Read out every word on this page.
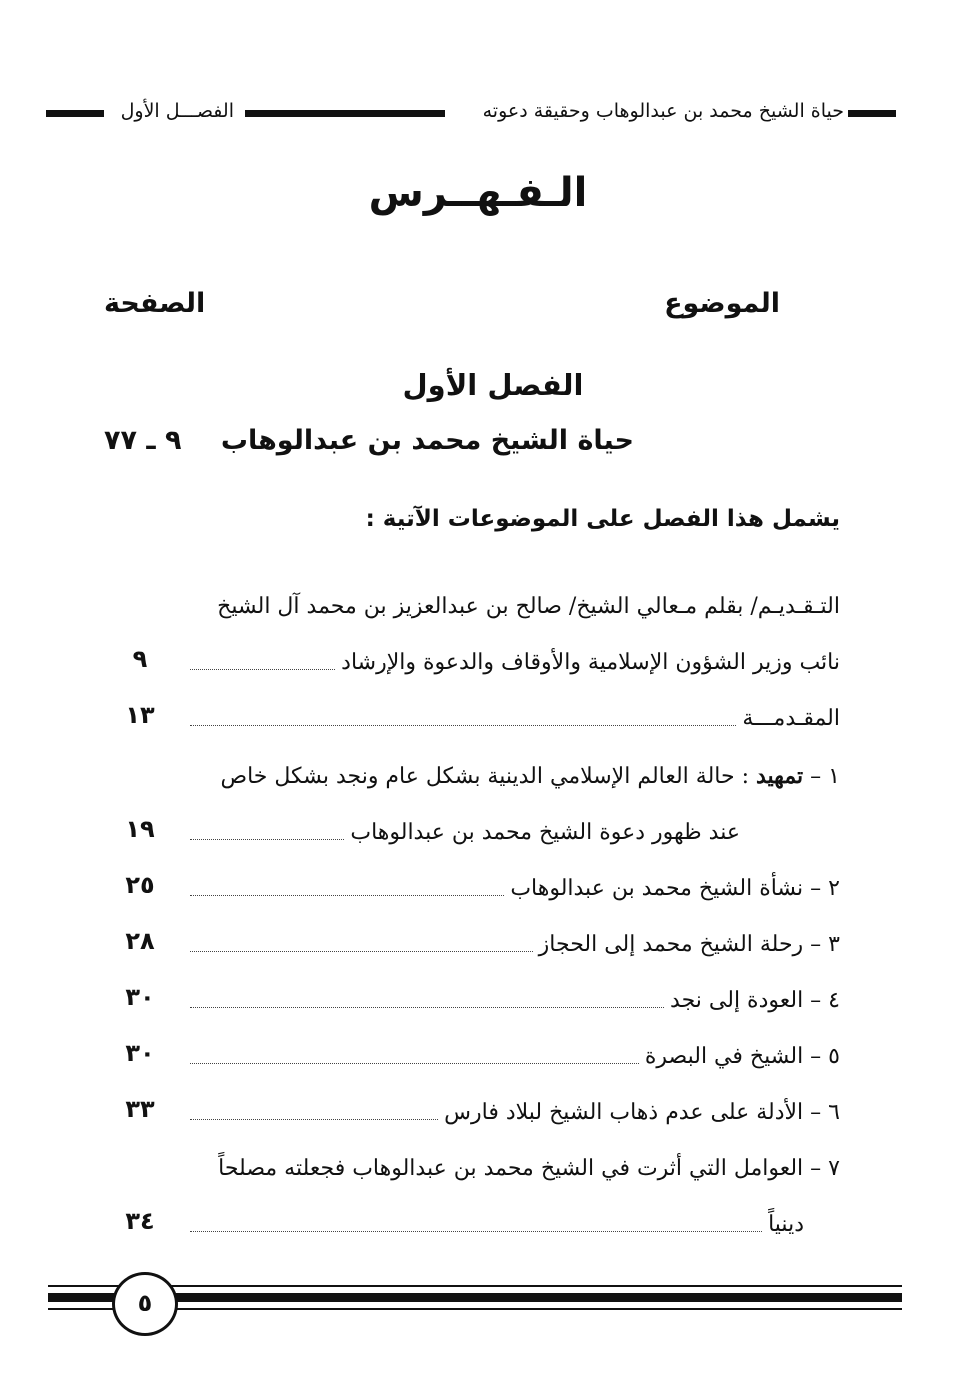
حياة الشيخ محمد بن عبدالوهاب وحقيقة دعوته
الفصـــل الأول
الـفـهــرس
الموضوع
الصفحة
الفصل الأول
حياة الشيخ محمد بن عبدالوهاب
٩ ـ ٧٧
يشمل هذا الفصل على الموضوعات الآتية :
التـقـديـم/ بقلم مـعالي الشيخ/ صالح بن عبدالعزيز بن محمد آل الشيخ
نائب وزير الشؤون الإسلامية والأوقاف والدعوة والإرشاد
٩
المقـدمـــة
١٣
١ – تمهيد : حالة العالم الإسلامي الدينية بشكل عام ونجد بشكل خاص
عند ظهور دعوة الشيخ محمد بن عبدالوهاب
١٩
٢ – نشأة الشيخ محمد بن عبدالوهاب
٢٥
٣ – رحلة الشيخ محمد إلى الحجاز
٢٨
٤ – العودة إلى نجد
٣٠
٥ – الشيخ في البصرة
٣٠
٦ – الأدلة على عدم ذهاب الشيخ لبلاد فارس
٣٣
٧ – العوامل التي أثرت في الشيخ محمد بن عبدالوهاب فجعلته مصلحاً
دينياً
٣٤
٥
